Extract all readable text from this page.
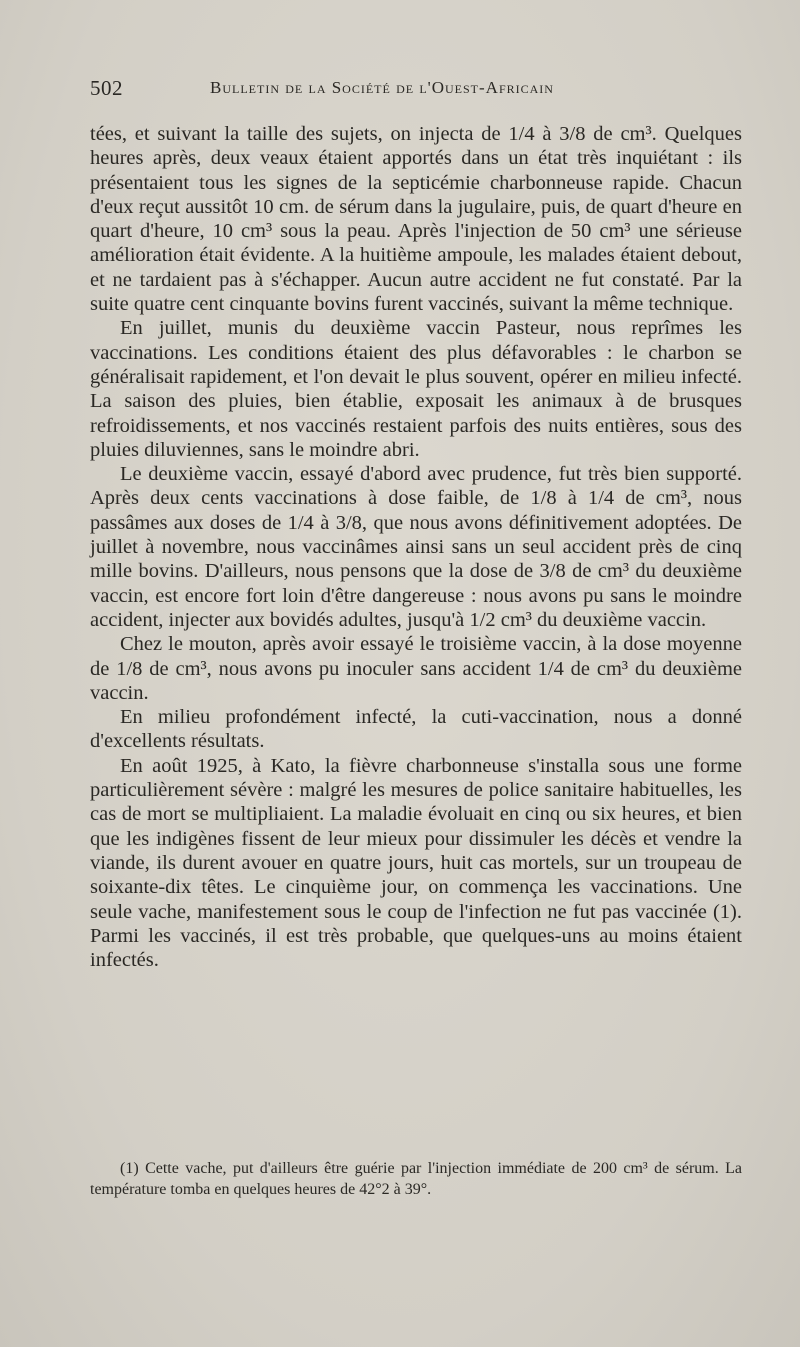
502	Bulletin de la Société de l'Ouest-Africain

tées, et suivant la taille des sujets, on injecta de 1/4 à 3/8 de cm³. Quelques heures après, deux veaux étaient apportés dans un état très inquiétant : ils présentaient tous les signes de la septicémie charbonneuse rapide. Chacun d'eux reçut aussitôt 10 cm. de sérum dans la jugulaire, puis, de quart d'heure en quart d'heure, 10 cm³ sous la peau. Après l'injection de 50 cm³ une sérieuse amélioration était évidente. A la huitième ampoule, les malades étaient debout, et ne tardaient pas à s'échapper. Aucun autre accident ne fut constaté. Par la suite quatre cent cinquante bovins furent vaccinés, suivant la même technique.

En juillet, munis du deuxième vaccin Pasteur, nous reprîmes les vaccinations. Les conditions étaient des plus défavorables : le charbon se généralisait rapidement, et l'on devait le plus souvent, opérer en milieu infecté. La saison des pluies, bien établie, exposait les animaux à de brusques refroidissements, et nos vaccinés restaient parfois des nuits entières, sous des pluies diluviennes, sans le moindre abri.

Le deuxième vaccin, essayé d'abord avec prudence, fut très bien supporté. Après deux cents vaccinations à dose faible, de 1/8 à 1/4 de cm³, nous passâmes aux doses de 1/4 à 3/8, que nous avons définitivement adoptées. De juillet à novembre, nous vaccinâmes ainsi sans un seul accident près de cinq mille bovins. D'ailleurs, nous pensons que la dose de 3/8 de cm³ du deuxième vaccin, est encore fort loin d'être dangereuse : nous avons pu sans le moindre accident, injecter aux bovidés adultes, jusqu'à 1/2 cm³ du deuxième vaccin.

Chez le mouton, après avoir essayé le troisième vaccin, à la dose moyenne de 1/8 de cm³, nous avons pu inoculer sans accident 1/4 de cm³ du deuxième vaccin.

En milieu profondément infecté, la cuti-vaccination, nous a donné d'excellents résultats.

En août 1925, à Kato, la fièvre charbonneuse s'installa sous une forme particulièrement sévère : malgré les mesures de police sanitaire habituelles, les cas de mort se multipliaient. La maladie évoluait en cinq ou six heures, et bien que les indigènes fissent de leur mieux pour dissimuler les décès et vendre la viande, ils durent avouer en quatre jours, huit cas mortels, sur un troupeau de soixante-dix têtes. Le cinquième jour, on commença les vaccinations. Une seule vache, manifestement sous le coup de l'infection ne fut pas vaccinée (1). Parmi les vaccinés, il est très probable, que quelques-uns au moins étaient infectés.

(1) Cette vache, put d'ailleurs être guérie par l'injection immédiate de 200 cm³ de sérum. La température tomba en quelques heures de 42°2 à 39°.
